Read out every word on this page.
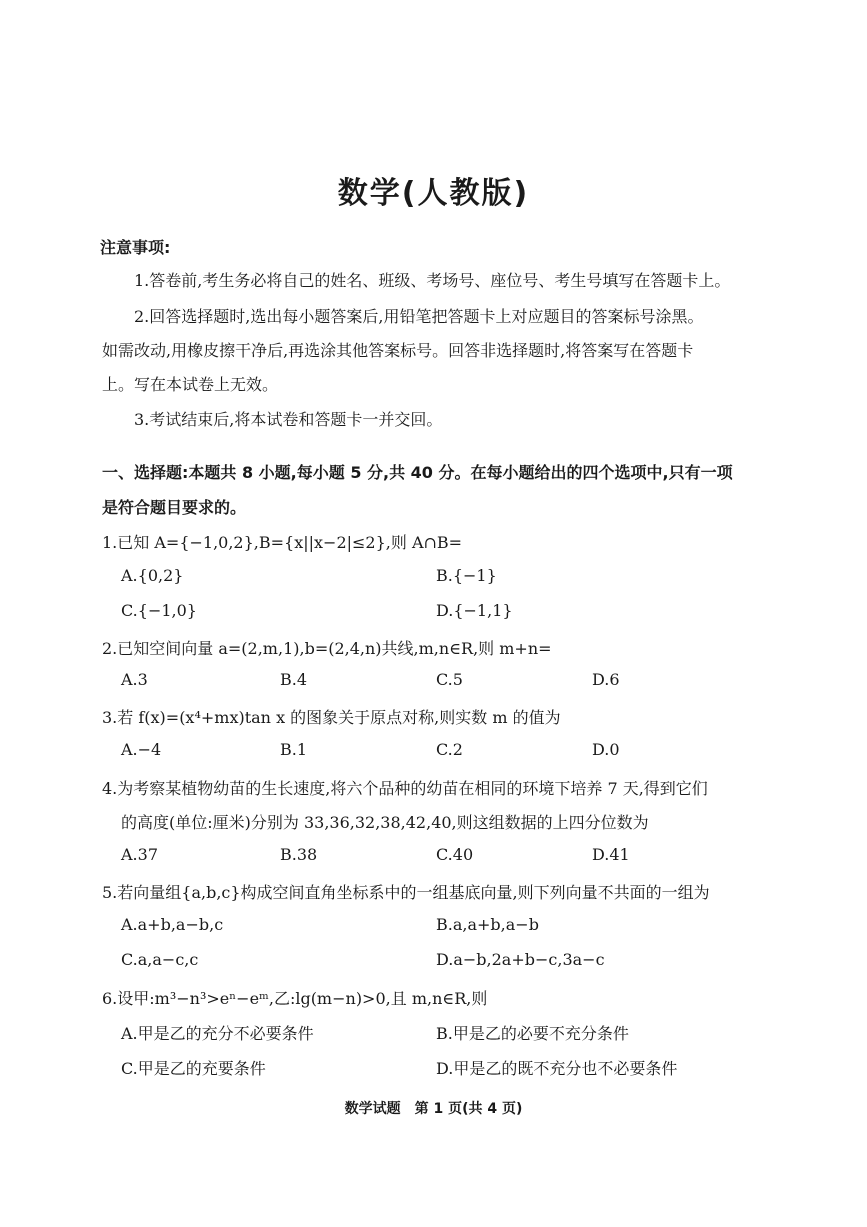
数学(人教版)
注意事项:
1.答卷前,考生务必将自己的姓名、班级、考场号、座位号、考生号填写在答题卡上。
2.回答选择题时,选出每小题答案后,用铅笔把答题卡上对应题目的答案标号涂黑。
如需改动,用橡皮擦干净后,再选涂其他答案标号。回答非选择题时,将答案写在答题卡
上。写在本试卷上无效。
3.考试结束后,将本试卷和答题卡一并交回。
一、选择题:本题共 8 小题,每小题 5 分,共 40 分。在每小题给出的四个选项中,只有一项
是符合题目要求的。
1.已知 A={−1,0,2},B={x||x−2|≤2},则 A∩B=
A.{0,2}	B.{−1}
C.{−1,0}	D.{−1,1}
2.已知空间向量 a=(2,m,1),b=(2,4,n)共线,m,n∈R,则 m+n=
A.3	B.4	C.5	D.6
3.若 f(x)=(x⁴+mx)tan x 的图象关于原点对称,则实数 m 的值为
A.−4	B.1	C.2	D.0
4.为考察某植物幼苗的生长速度,将六个品种的幼苗在相同的环境下培养 7 天,得到它们
的高度(单位:厘米)分别为 33,36,32,38,42,40,则这组数据的上四分位数为
A.37	B.38	C.40	D.41
5.若向量组{a,b,c}构成空间直角坐标系中的一组基底向量,则下列向量不共面的一组为
A.a+b,a−b,c	B.a,a+b,a−b
C.a,a−c,c	D.a−b,2a+b−c,3a−c
6.设甲:m³−n³>eⁿ−eᵐ,乙:lg(m−n)>0,且 m,n∈R,则
A.甲是乙的充分不必要条件	B.甲是乙的必要不充分条件
C.甲是乙的充要条件	D.甲是乙的既不充分也不必要条件
数学试题　第 1 页(共 4 页)
